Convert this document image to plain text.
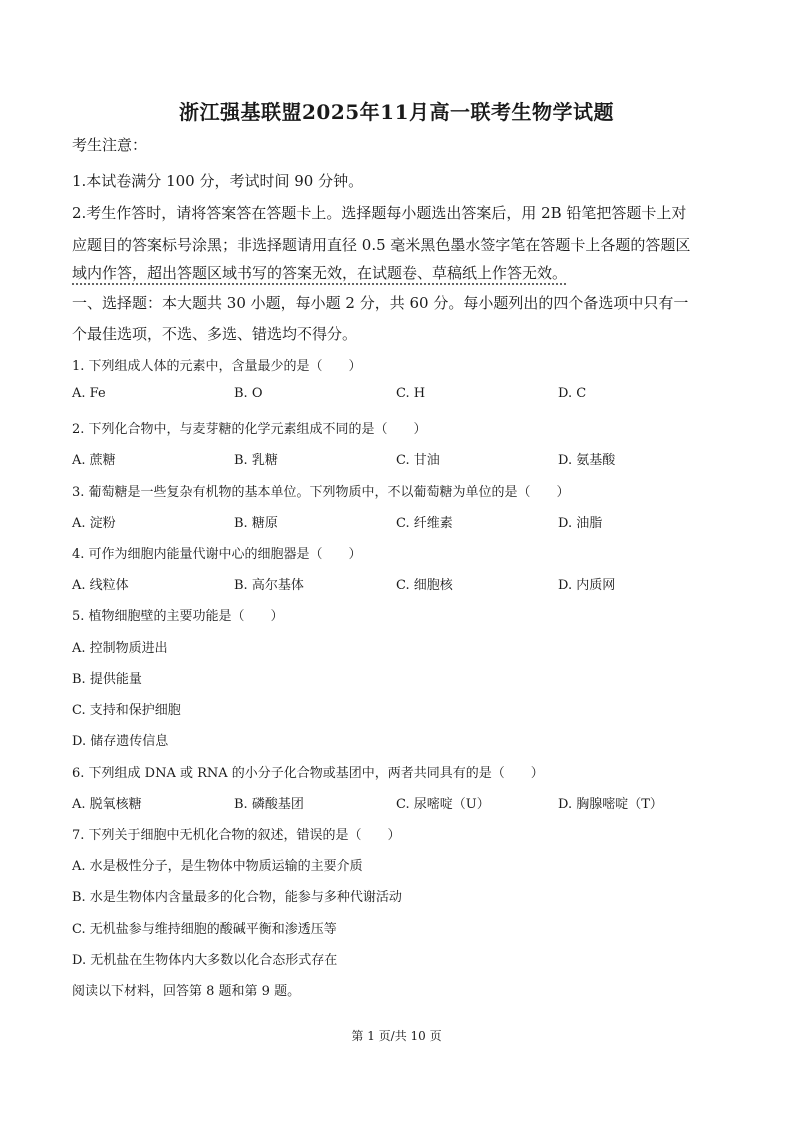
浙江强基联盟2025年11月高一联考生物学试题
考生注意：
1.本试卷满分 100 分，考试时间 90 分钟。
2.考生作答时，请将答案答在答题卡上。选择题每小题选出答案后，用 2B 铅笔把答题卡上对
应题目的答案标号涂黑；非选择题请用直径 0.5 毫米黑色墨水签字笔在答题卡上各题的答题区
域内作答，超出答题区域书写的答案无效，在试题卷、草稿纸上作答无效。
一、选择题：本大题共 30 小题，每小题 2 分，共 60 分。每小题列出的四个备选项中只有一
个最佳选项，不选、多选、错选均不得分。
1. 下列组成人体的元素中，含量最少的是（　　）
A. Fe	B. O	C. H	D. C
2. 下列化合物中，与麦芽糖的化学元素组成不同的是（　　）
A. 蔗糖	B. 乳糖	C. 甘油	D. 氨基酸
3. 葡萄糖是一些复杂有机物的基本单位。下列物质中，不以葡萄糖为单位的是（　　）
A. 淀粉	B. 糖原	C. 纤维素	D. 油脂
4. 可作为细胞内能量代谢中心的细胞器是（　　）
A. 线粒体	B. 高尔基体	C. 细胞核	D. 内质网
5. 植物细胞壁的主要功能是（　　）
A. 控制物质进出
B. 提供能量
C. 支持和保护细胞
D. 储存遗传信息
6. 下列组成 DNA 或 RNA 的小分子化合物或基团中，两者共同具有的是（　　）
A. 脱氧核糖	B. 磷酸基团	C. 尿嘧啶（U）	D. 胸腺嘧啶（T）
7. 下列关于细胞中无机化合物的叙述，错误的是（　　）
A. 水是极性分子，是生物体中物质运输的主要介质
B. 水是生物体内含量最多的化合物，能参与多种代谢活动
C. 无机盐参与维持细胞的酸碱平衡和渗透压等
D. 无机盐在生物体内大多数以化合态形式存在
阅读以下材料，回答第 8 题和第 9 题。
第 1 页/共 10 页
